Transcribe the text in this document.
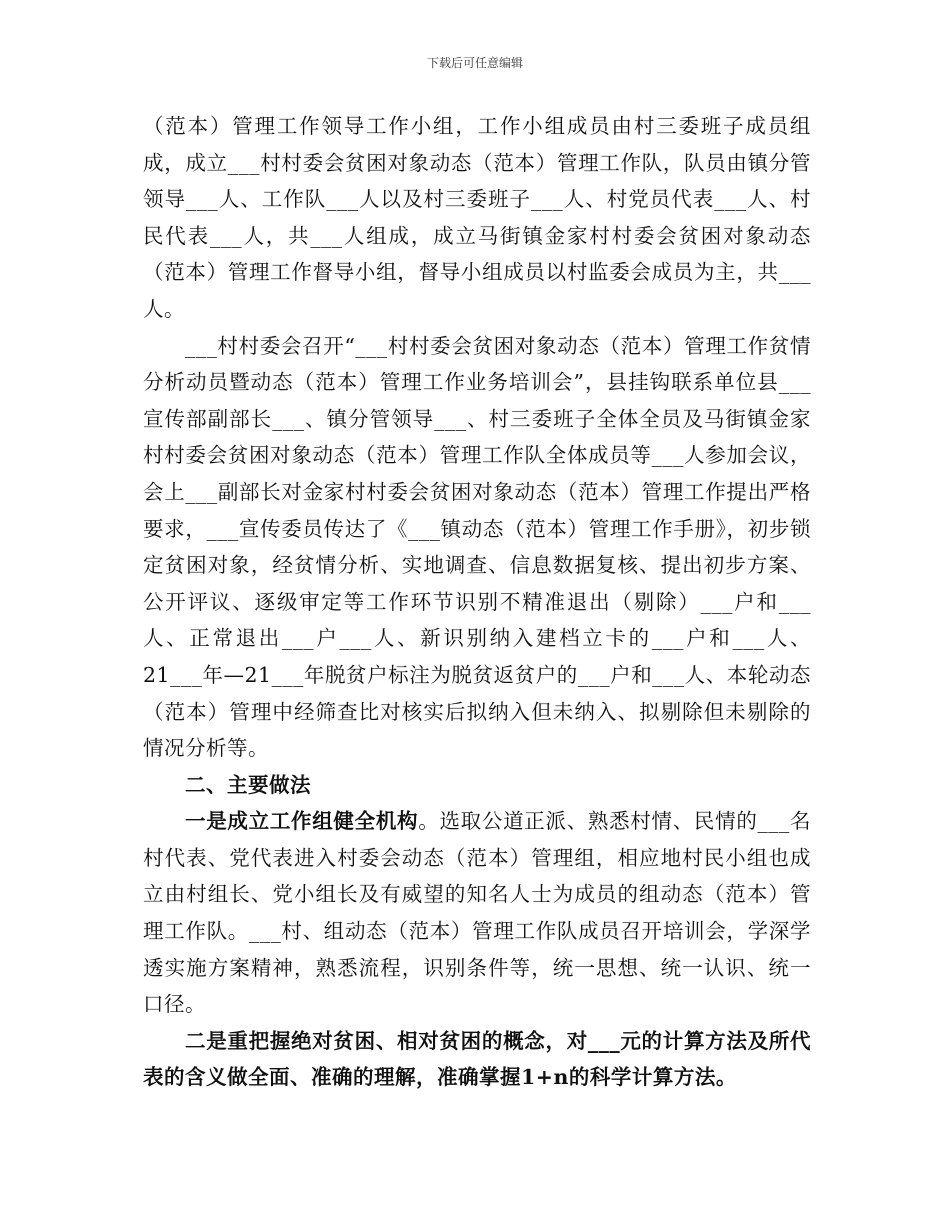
下载后可任意编辑

（范本）管理工作领导工作小组，工作小组成员由村三委班子成员组成，成立___村村委会贫困对象动态（范本）管理工作队，队员由镇分管领导___人、工作队___人以及村三委班子___人、村党员代表___人、村民代表___人，共___人组成，成立马街镇金家村村委会贫困对象动态（范本）管理工作督导小组，督导小组成员以村监委会成员为主，共___人。

___村村委会召开“___村村委会贫困对象动态（范本）管理工作贫情分析动员暨动态（范本）管理工作业务培训会”，县挂钩联系单位县___宣传部副部长___、镇分管领导___、村三委班子全体全员及马街镇金家村村委会贫困对象动态（范本）管理工作队全体成员等___人参加会议，会上___副部长对金家村村委会贫困对象动态（范本）管理工作提出严格要求，___宣传委员传达了《___镇动态（范本）管理工作手册》，初步锁定贫困对象，经贫情分析、实地调查、信息数据复核、提出初步方案、公开评议、逐级审定等工作环节识别不精准退出（剔除）___户和___人、正常退出___户___人、新识别纳入建档立卡的___户和___人、21___年—21___年脱贫户标注为脱贫返贫户的___户和___人、本轮动态（范本）管理中经筛查比对核实后拟纳入但未纳入、拟剔除但未剔除的情况分析等。

二、主要做法

一是成立工作组健全机构。选取公道正派、熟悉村情、民情的___名村代表、党代表进入村委会动态（范本）管理组，相应地村民小组也成立由村组长、党小组长及有威望的知名人士为成员的组动态（范本）管理工作队。___村、组动态（范本）管理工作队成员召开培训会，学深学透实施方案精神，熟悉流程，识别条件等，统一思想、统一认识、统一口径。

二是重把握绝对贫困、相对贫困的概念，对___元的计算方法及所代表的含义做全面、准确的理解，准确掌握1+n的科学计算方法。
